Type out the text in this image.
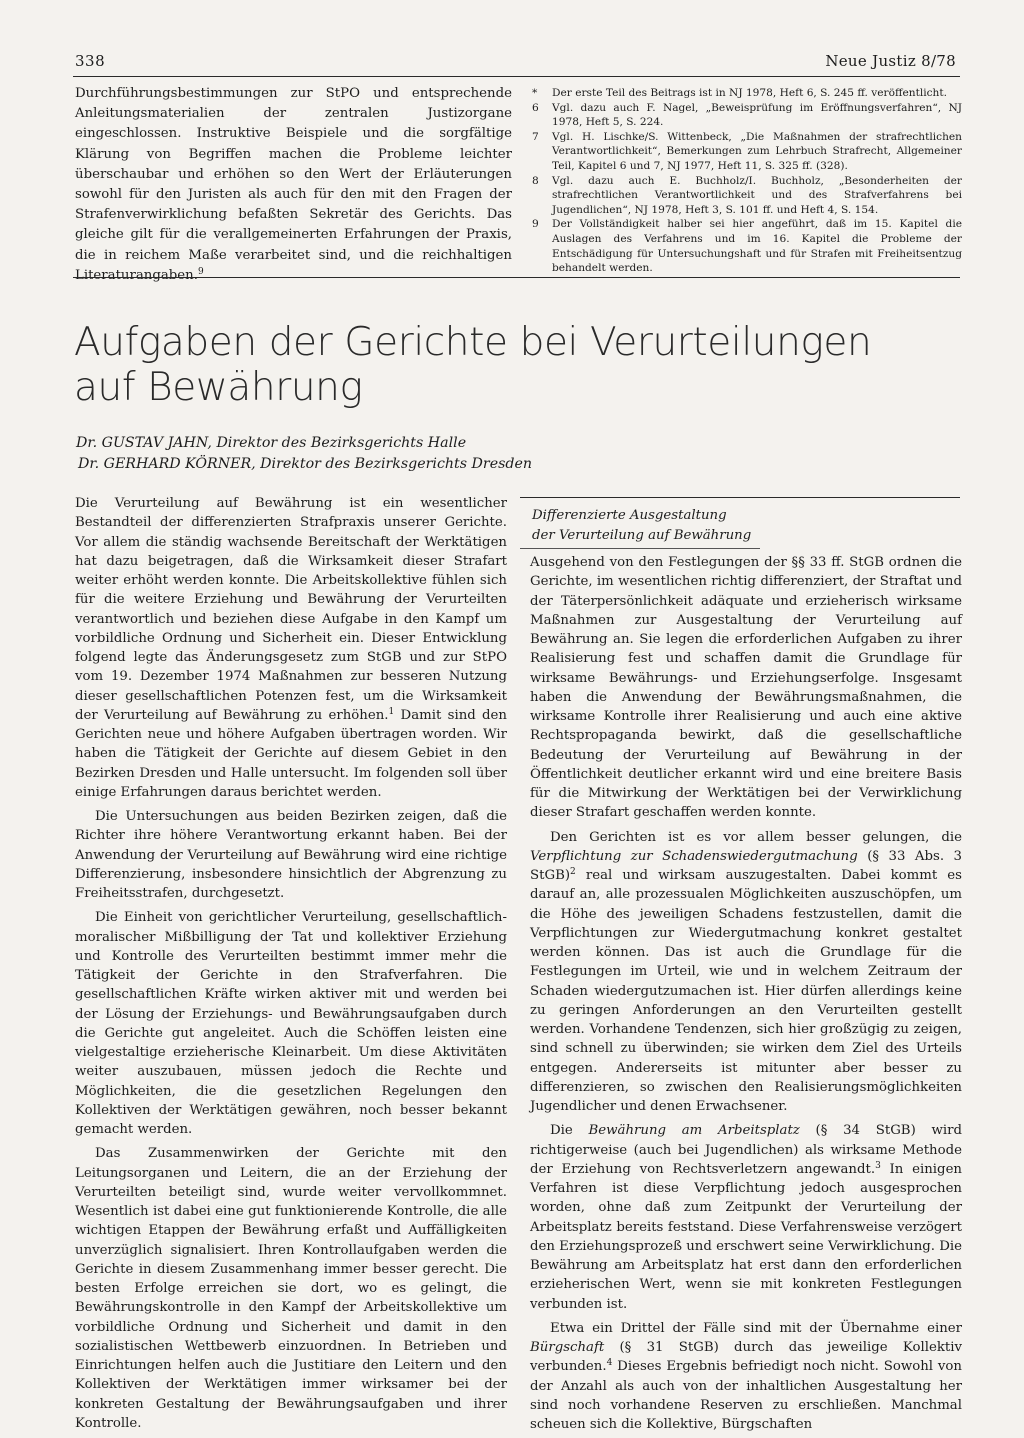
338	Neue Justiz 8/78
Durchführungsbestimmungen zur StPO und entsprechende Anleitungsmaterialien der zentralen Justizorgane eingeschlossen. Instruktive Beispiele und die sorgfältige Klärung von Begriffen machen die Probleme leichter überschaubar und erhöhen so den Wert der Erläuterungen sowohl für den Juristen als auch für den mit den Fragen der Strafenverwirklichung befaßten Sekretär des Gerichts. Das gleiche gilt für die verallgemeinerten Erfahrungen der Praxis, die in reichem Maße verarbeitet sind, und die reichhaltigen Literaturangaben.$^9$
*	Der erste Teil des Beitrags ist in NJ 1978, Heft 6, S. 245 ff. veröffentlicht.
6	Vgl. dazu auch F. Nagel, „Beweisprüfung im Eröffnungsverfahren“, NJ 1978, Heft 5, S. 224.
7	Vgl. H. Lischke/S. Wittenbeck, „Die Maßnahmen der strafrechtlichen Verantwortlichkeit“, Bemerkungen zum Lehrbuch Strafrecht, Allgemeiner Teil, Kapitel 6 und 7, NJ 1977, Heft 11, S. 325 ff. (328).
8	Vgl. dazu auch E. Buchholz/I. Buchholz, „Besonderheiten der strafrechtlichen Verantwortlichkeit und des Strafverfahrens bei Jugendlichen“, NJ 1978, Heft 3, S. 101 ff. und Heft 4, S. 154.
9	Der Vollständigkeit halber sei hier angeführt, daß im 15. Kapitel die Auslagen des Verfahrens und im 16. Kapitel die Probleme der Entschädigung für Untersuchungshaft und für Strafen mit Freiheitsentzug behandelt werden.
Aufgaben der Gerichte bei Verurteilungen
auf Bewährung
Dr. GUSTAV JAHN, Direktor des Bezirksgerichts Halle
Dr. GERHARD KÖRNER, Direktor des Bezirksgerichts Dresden
Differenzierte Ausgestaltung
der Verurteilung auf Bewährung

Die Verurteilung auf Bewährung ist ein wesentlicher Bestandteil der differenzierten Strafpraxis unserer Gerichte. Vor allem die ständig wachsende Bereitschaft der Werktätigen hat dazu beigetragen, daß die Wirksamkeit dieser Strafart weiter erhöht werden konnte. Die Arbeitskollektive fühlen sich für die weitere Erziehung und Bewährung der Verurteilten verantwortlich und beziehen diese Aufgabe in den Kampf um vorbildliche Ordnung und Sicherheit ein. Dieser Entwicklung folgend legte das Änderungsgesetz zum StGB und zur StPO vom 19. Dezember 1974 Maßnahmen zur besseren Nutzung dieser gesellschaftlichen Potenzen fest, um die Wirksamkeit der Verurteilung auf Bewährung zu erhöhen.$^1$ Damit sind den Gerichten neue und höhere Aufgaben übertragen worden. Wir haben die Tätigkeit der Gerichte auf diesem Gebiet in den Bezirken Dresden und Halle untersucht. Im folgenden soll über einige Erfahrungen daraus berichtet werden.

Die Untersuchungen aus beiden Bezirken zeigen, daß die Richter ihre höhere Verantwortung erkannt haben. Bei der Anwendung der Verurteilung auf Bewährung wird eine richtige Differenzierung, insbesondere hinsichtlich der Abgrenzung zu Freiheitsstrafen, durchgesetzt.

Die Einheit von gerichtlicher Verurteilung, gesellschaftlich-moralischer Mißbilligung der Tat und kollektiver Erziehung und Kontrolle des Verurteilten bestimmt immer mehr die Tätigkeit der Gerichte in den Strafverfahren. Die gesellschaftlichen Kräfte wirken aktiver mit und werden bei der Lösung der Erziehungs- und Bewährungsaufgaben durch die Gerichte gut angeleitet. Auch die Schöffen leisten eine vielgestaltige erzieherische Kleinarbeit. Um diese Aktivitäten weiter auszubauen, müssen jedoch die Rechte und Möglichkeiten, die die gesetzlichen Regelungen den Kollektiven der Werktätigen gewähren, noch besser bekannt gemacht werden.

Das Zusammenwirken der Gerichte mit den Leitungsorganen und Leitern, die an der Erziehung der Verurteilten beteiligt sind, wurde weiter vervollkommnet. Wesentlich ist dabei eine gut funktionierende Kontrolle, die alle wichtigen Etappen der Bewährung erfaßt und Auffälligkeiten unverzüglich signalisiert. Ihren Kontrollaufgaben werden die Gerichte in diesem Zusammenhang immer besser gerecht. Die besten Erfolge erreichen sie dort, wo es gelingt, die Bewährungskontrolle in den Kampf der Arbeitskollektive um vorbildliche Ordnung und Sicherheit und damit in den sozialistischen Wettbewerb einzuordnen. In Betrieben und Einrichtungen helfen auch die Justitiare den Leitern und den Kollektiven der Werktätigen immer wirksamer bei der konkreten Gestaltung der Bewährungsaufgaben und ihrer Kontrolle.

Ausgehend von den Festlegungen der §§ 33 ff. StGB ordnen die Gerichte, im wesentlichen richtig differenziert, der Straftat und der Täterpersönlichkeit adäquate und erzieherisch wirksame Maßnahmen zur Ausgestaltung der Verurteilung auf Bewährung an. Sie legen die erforderlichen Aufgaben zu ihrer Realisierung fest und schaffen damit die Grundlage für wirksame Bewährungs- und Erziehungserfolge. Insgesamt haben die Anwendung der Bewährungsmaßnahmen, die wirksame Kontrolle ihrer Realisierung und auch eine aktive Rechtspropaganda bewirkt, daß die gesellschaftliche Bedeutung der Verurteilung auf Bewährung in der Öffentlichkeit deutlicher erkannt wird und eine breitere Basis für die Mitwirkung der Werktätigen bei der Verwirklichung dieser Strafart geschaffen werden konnte.

Den Gerichten ist es vor allem besser gelungen, die Verpflichtung zur Schadenswiedergutmachung (§ 33 Abs. 3 StGB)$^2$ real und wirksam auszugestalten. Dabei kommt es darauf an, alle prozessualen Möglichkeiten auszuschöpfen, um die Höhe des jeweiligen Schadens festzustellen, damit die Verpflichtungen zur Wiedergutmachung konkret gestaltet werden können. Das ist auch die Grundlage für die Festlegungen im Urteil, wie und in welchem Zeitraum der Schaden wiedergutzumachen ist. Hier dürfen allerdings keine zu geringen Anforderungen an den Verurteilten gestellt werden. Vorhandene Tendenzen, sich hier großzügig zu zeigen, sind schnell zu überwinden; sie wirken dem Ziel des Urteils entgegen. Andererseits ist mitunter aber besser zu differenzieren, so zwischen den Realisierungsmöglichkeiten Jugendlicher und denen Erwachsener.

Die Bewährung am Arbeitsplatz (§ 34 StGB) wird richtigerweise (auch bei Jugendlichen) als wirksame Methode der Erziehung von Rechtsverletzern angewandt.$^3$ In einigen Verfahren ist diese Verpflichtung jedoch ausgesprochen worden, ohne daß zum Zeitpunkt der Verurteilung der Arbeitsplatz bereits feststand. Diese Verfahrensweise verzögert den Erziehungsprozeß und erschwert seine Verwirklichung. Die Bewährung am Arbeitsplatz hat erst dann den erforderlichen erzieherischen Wert, wenn sie mit konkreten Festlegungen verbunden ist.

Etwa ein Drittel der Fälle sind mit der Übernahme einer Bürgschaft (§ 31 StGB) durch das jeweilige Kollektiv verbunden.$^4$ Dieses Ergebnis befriedigt noch nicht. Sowohl von der Anzahl als auch von der inhaltlichen Ausgestaltung her sind noch vorhandene Reserven zu erschließen. Manchmal scheuen sich die Kollektive, Bürgschaften
